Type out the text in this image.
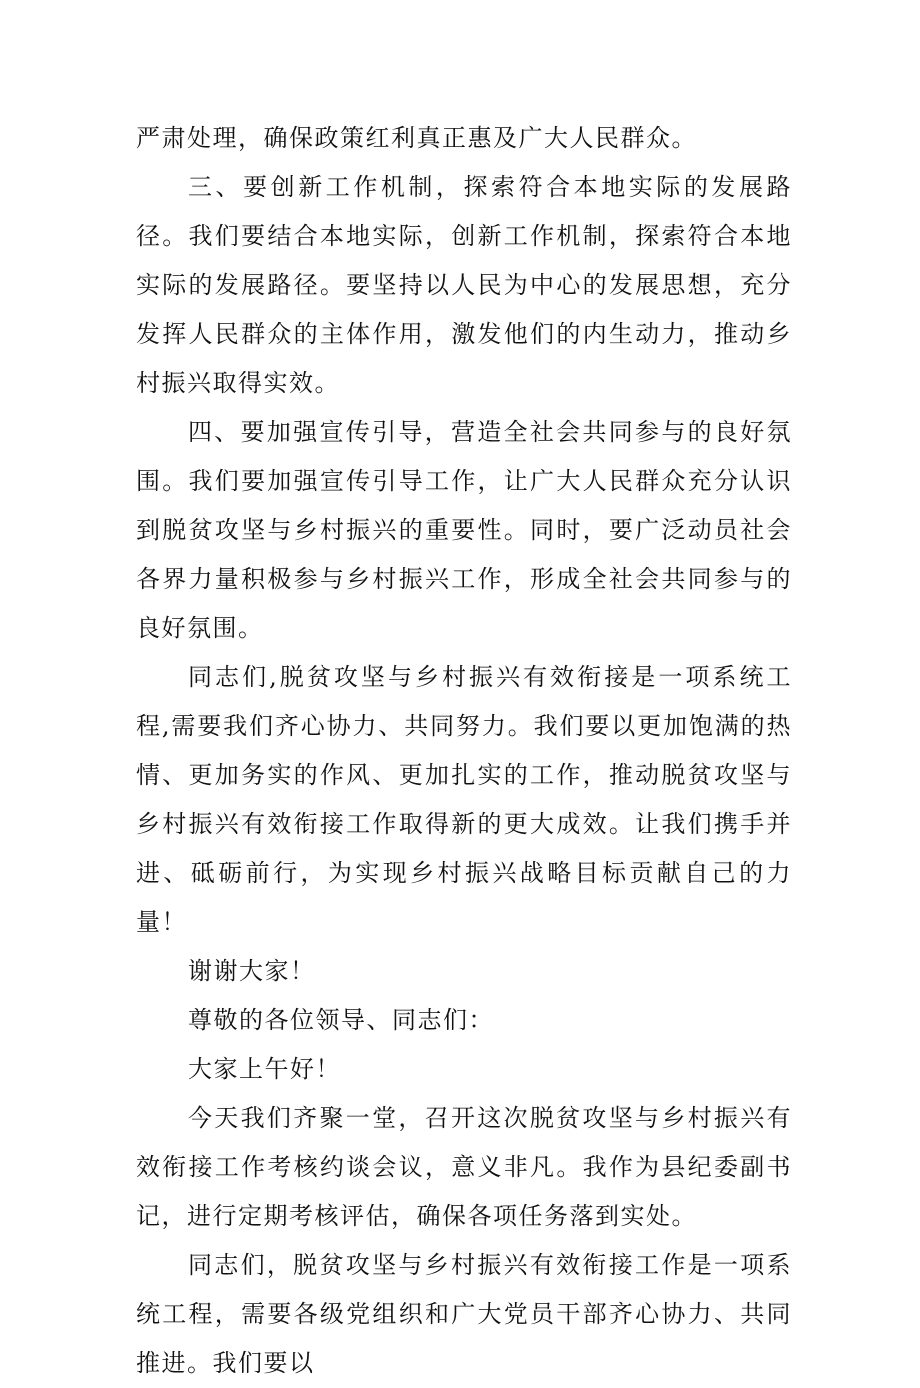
严肃处理，确保政策红利真正惠及广大人民群众。

三、要创新工作机制，探索符合本地实际的发展路径。我们要结合本地实际，创新工作机制，探索符合本地实际的发展路径。要坚持以人民为中心的发展思想，充分发挥人民群众的主体作用，激发他们的内生动力，推动乡村振兴取得实效。

四、要加强宣传引导，营造全社会共同参与的良好氛围。我们要加强宣传引导工作，让广大人民群众充分认识到脱贫攻坚与乡村振兴的重要性。同时，要广泛动员社会各界力量积极参与乡村振兴工作，形成全社会共同参与的良好氛围。

同志们,脱贫攻坚与乡村振兴有效衔接是一项系统工程,需要我们齐心协力、共同努力。我们要以更加饱满的热情、更加务实的作风、更加扎实的工作，推动脱贫攻坚与乡村振兴有效衔接工作取得新的更大成效。让我们携手并进、砥砺前行，为实现乡村振兴战略目标贡献自己的力量！

谢谢大家！

尊敬的各位领导、同志们：

大家上午好！

今天我们齐聚一堂，召开这次脱贫攻坚与乡村振兴有效衔接工作考核约谈会议，意义非凡。我作为县纪委副书记，进行定期考核评估，确保各项任务落到实处。

同志们，脱贫攻坚与乡村振兴有效衔接工作是一项系统工程，需要各级党组织和广大党员干部齐心协力、共同推进。我们要以
